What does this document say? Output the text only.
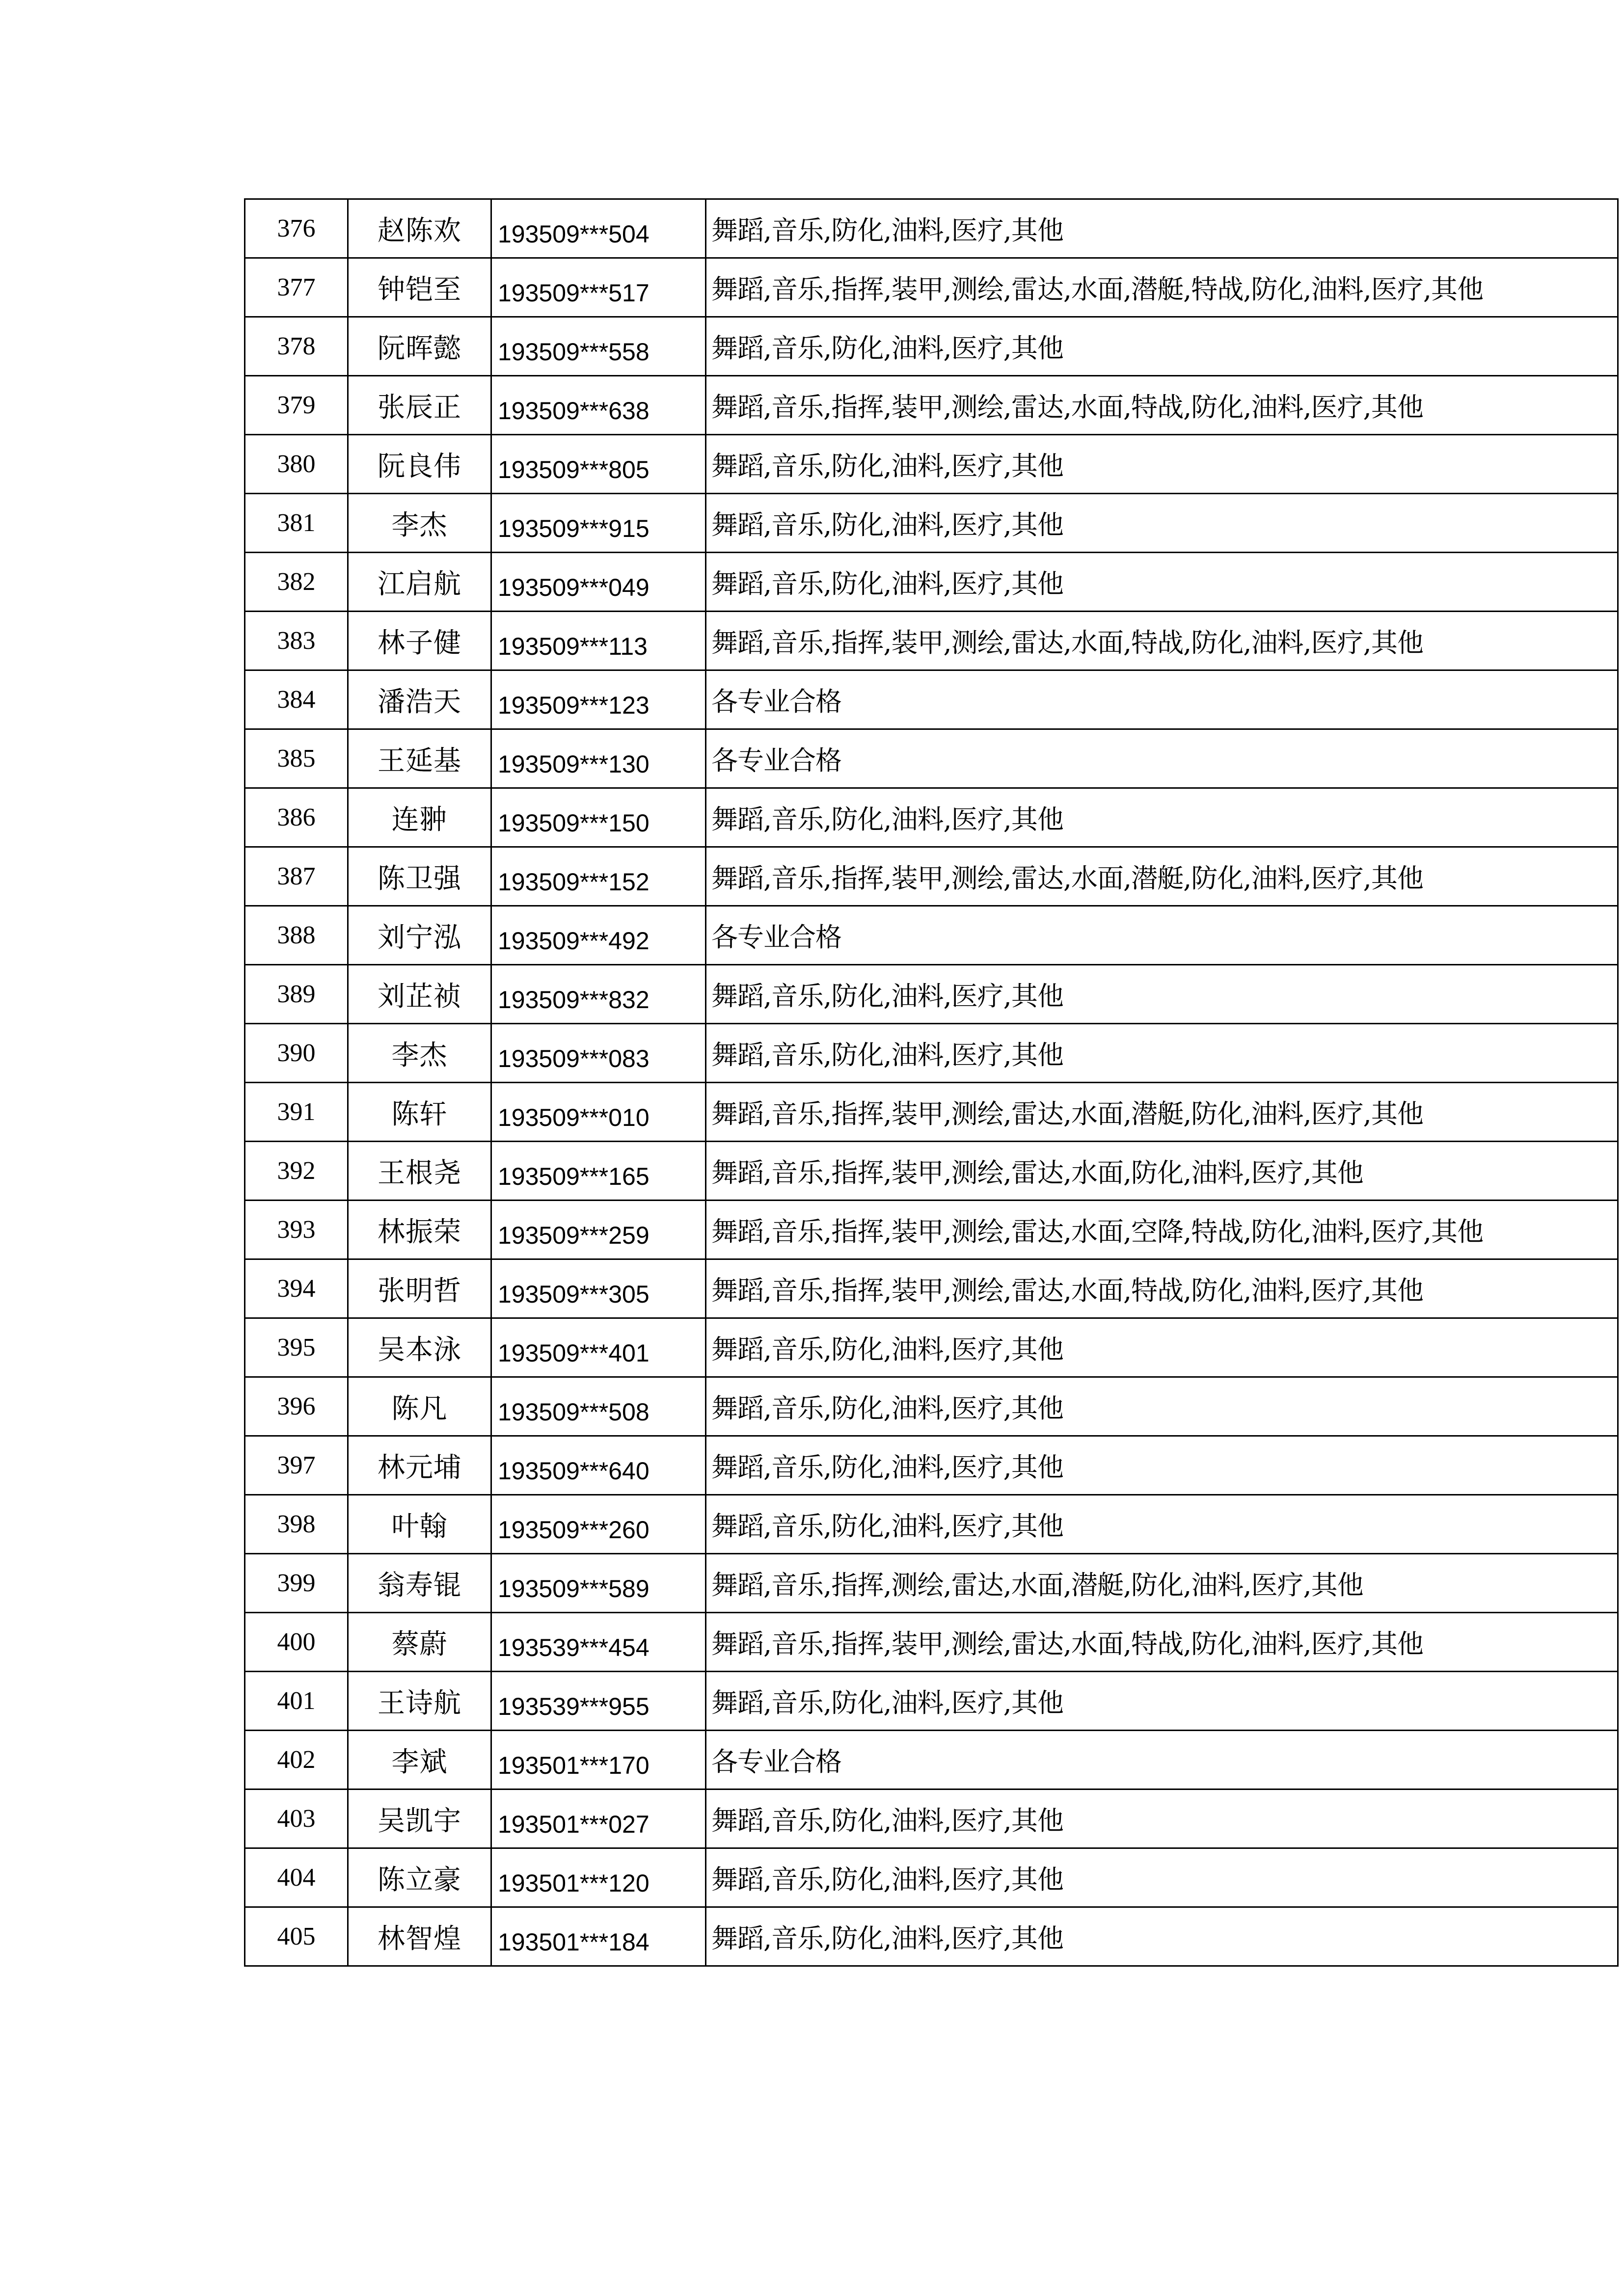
376	赵陈欢	193509***504	舞蹈,音乐,防化,油料,医疗,其他
377	钟铠至	193509***517	舞蹈,音乐,指挥,装甲,测绘,雷达,水面,潜艇,特战,防化,油料,医疗,其他
378	阮晖懿	193509***558	舞蹈,音乐,防化,油料,医疗,其他
379	张辰正	193509***638	舞蹈,音乐,指挥,装甲,测绘,雷达,水面,特战,防化,油料,医疗,其他
380	阮良伟	193509***805	舞蹈,音乐,防化,油料,医疗,其他
381	李杰	193509***915	舞蹈,音乐,防化,油料,医疗,其他
382	江启航	193509***049	舞蹈,音乐,防化,油料,医疗,其他
383	林子健	193509***113	舞蹈,音乐,指挥,装甲,测绘,雷达,水面,特战,防化,油料,医疗,其他
384	潘浩天	193509***123	各专业合格
385	王延基	193509***130	各专业合格
386	连翀	193509***150	舞蹈,音乐,防化,油料,医疗,其他
387	陈卫强	193509***152	舞蹈,音乐,指挥,装甲,测绘,雷达,水面,潜艇,防化,油料,医疗,其他
388	刘宁泓	193509***492	各专业合格
389	刘芷祯	193509***832	舞蹈,音乐,防化,油料,医疗,其他
390	李杰	193509***083	舞蹈,音乐,防化,油料,医疗,其他
391	陈轩	193509***010	舞蹈,音乐,指挥,装甲,测绘,雷达,水面,潜艇,防化,油料,医疗,其他
392	王根尧	193509***165	舞蹈,音乐,指挥,装甲,测绘,雷达,水面,防化,油料,医疗,其他
393	林振荣	193509***259	舞蹈,音乐,指挥,装甲,测绘,雷达,水面,空降,特战,防化,油料,医疗,其他
394	张明哲	193509***305	舞蹈,音乐,指挥,装甲,测绘,雷达,水面,特战,防化,油料,医疗,其他
395	吴本泳	193509***401	舞蹈,音乐,防化,油料,医疗,其他
396	陈凡	193509***508	舞蹈,音乐,防化,油料,医疗,其他
397	林元埔	193509***640	舞蹈,音乐,防化,油料,医疗,其他
398	叶翰	193509***260	舞蹈,音乐,防化,油料,医疗,其他
399	翁寿锟	193509***589	舞蹈,音乐,指挥,测绘,雷达,水面,潜艇,防化,油料,医疗,其他
400	蔡蔚	193539***454	舞蹈,音乐,指挥,装甲,测绘,雷达,水面,特战,防化,油料,医疗,其他
401	王诗航	193539***955	舞蹈,音乐,防化,油料,医疗,其他
402	李斌	193501***170	各专业合格
403	吴凯宇	193501***027	舞蹈,音乐,防化,油料,医疗,其他
404	陈立豪	193501***120	舞蹈,音乐,防化,油料,医疗,其他
405	林智煌	193501***184	舞蹈,音乐,防化,油料,医疗,其他
